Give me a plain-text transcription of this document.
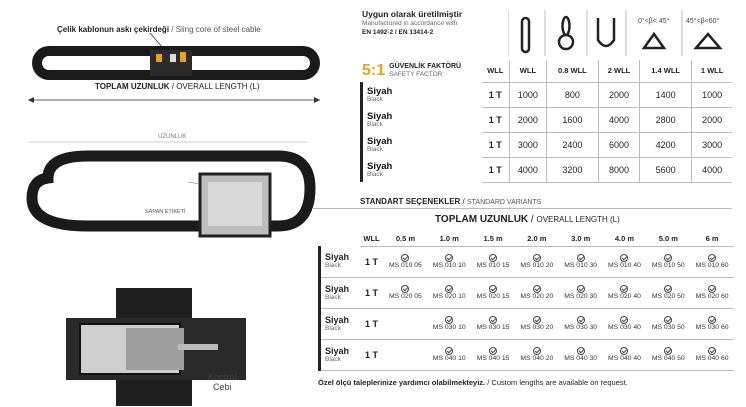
Çelik kablonun askı çekirdeği / Sling core of steel cable
TOPLAM UZUNLUK / OVERALL LENGTH (L)
UZUNLUK
SAPAN ETİKETİ
Kontrol
Cebi
Uygun olarak üretilmiştir
Manufactured in accordance with
EN 1492-2 / EN 13414-2
5:1 GÜVENLİK FAKTÖRÜ
SAFETY FACTOR
0°<β< 45° 45°<β<60°
	WLL	WLL	0.8 WLL	2 WLL	1.4 WLL	1 WLL

Siyah
Black	1 T	1000	800	2000	1400	1000

Siyah
Black	1 T	2000	1600	4000	2800	2000

Siyah
Black	1 T	3000	2400	6000	4200	3000

Siyah
Black	1 T	4000	3200	8000	5600	4000
STANDART SEÇENEKLER / STANDARD VARIANTS
TOPLAM UZUNLUK / OVERALL LENGTH (L)
	WLL	0.5 m	1.0 m	1.5 m	2.0 m	3.0 m	4.0 m	5.0 m	6 m

Siyah
Black	1 T	MS 010 05	MS 010 10	MS 010 15	MS 010 20	MS 010 30	MS 010 40	MS 010 50	MS 010 60

Siyah
Black	1 T	MS 020 05	MS 020 10	MS 020 15	MS 020 20	MS 020 30	MS 020 40	MS 020 50	MS 020 60

Siyah
Black	1 T		MS 030 10	MS 030 15	MS 030 20	MS 030 30	MS 030 40	MS 030 50	MS 030 60

Siyah
Black	1 T		MS 040 10	MS 040 15	MS 040 20	MS 040 30	MS 040 40	MS 040 50	MS 040 60
Özel ölçü taleplerinize yardımcı olabilmekteyiz. / Custom lengths are available on request.
